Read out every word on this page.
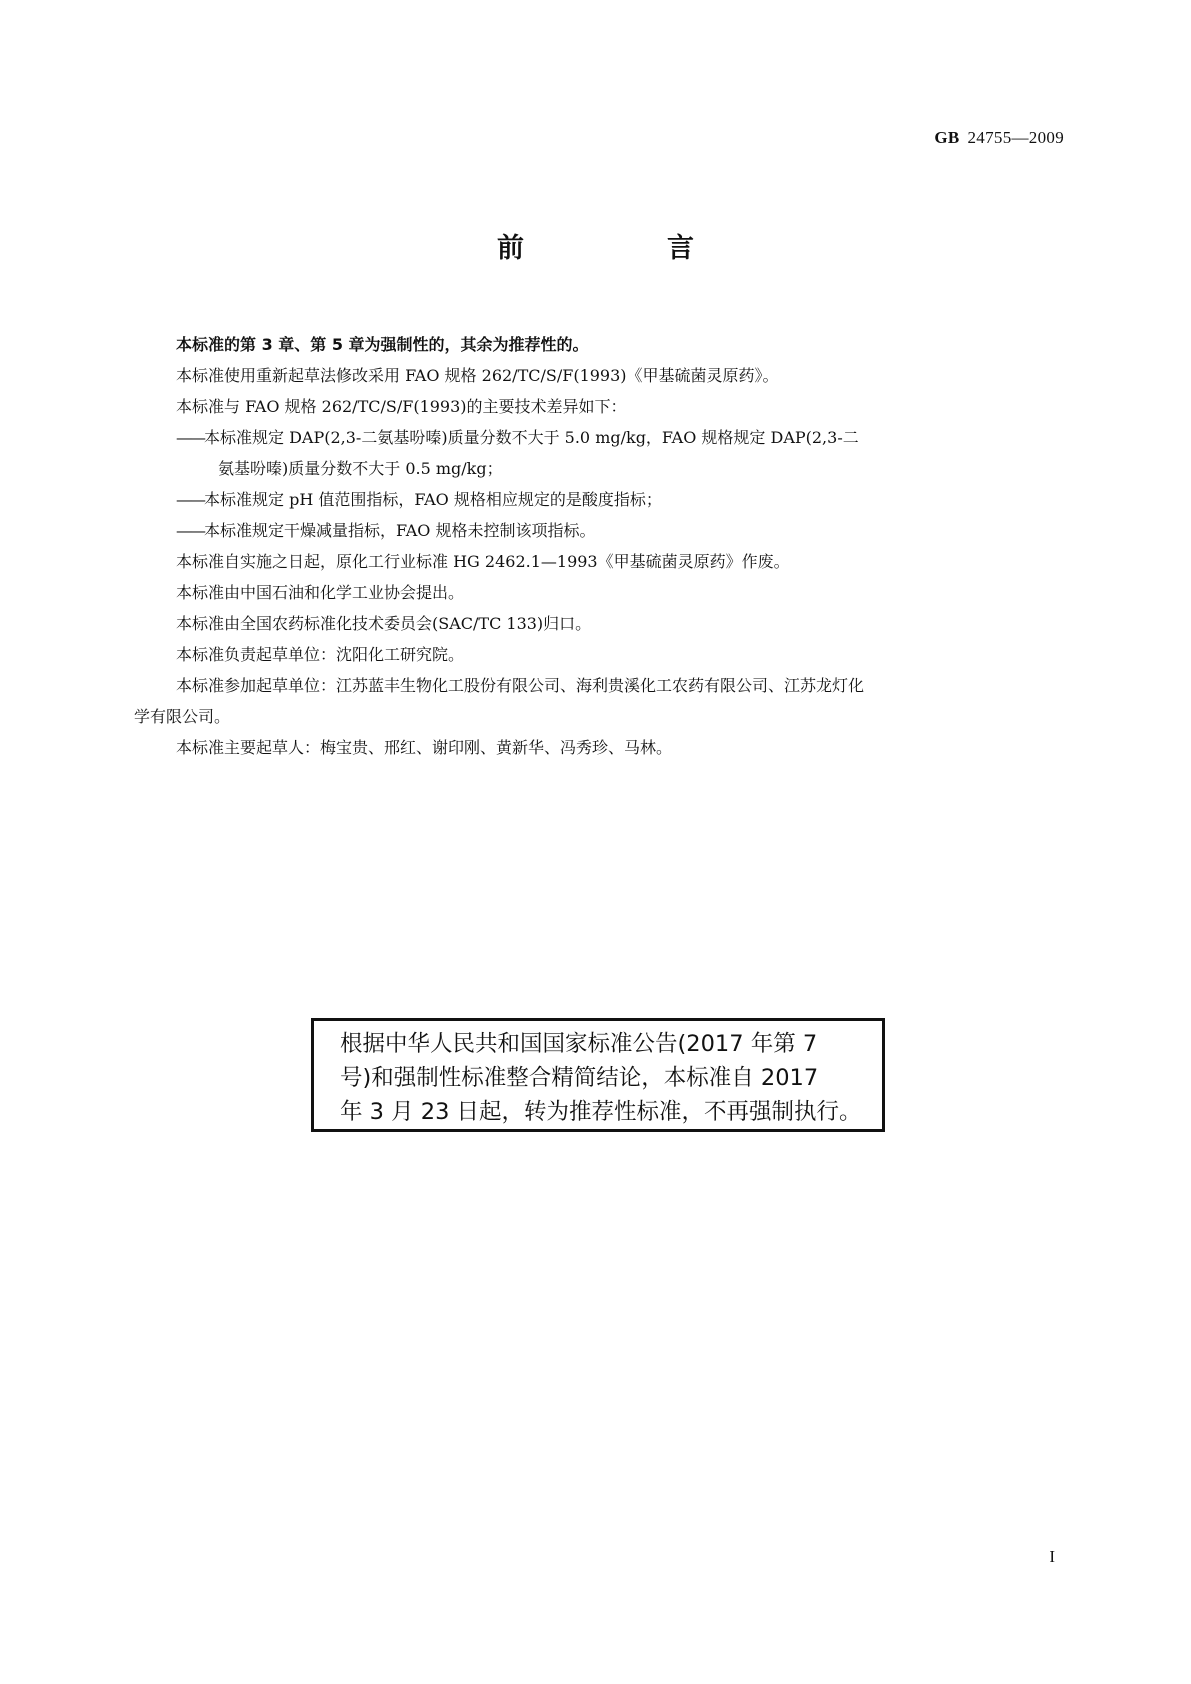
GB 24755—2009
前　言

本标准的第 3 章、第 5 章为强制性的，其余为推荐性的。

本标准使用重新起草法修改采用 FAO 规格 262/TC/S/F(1993)《甲基硫菌灵原药》。

本标准与 FAO 规格 262/TC/S/F(1993)的主要技术差异如下：

——本标准规定 DAP(2,3-二氨基吩嗪)质量分数不大于 5.0 mg/kg，FAO 规格规定 DAP(2,3-二
氨基吩嗪)质量分数不大于 0.5 mg/kg；
——本标准规定 pH 值范围指标，FAO 规格相应规定的是酸度指标；
——本标准规定干燥减量指标，FAO 规格未控制该项指标。

本标准自实施之日起，原化工行业标准 HG 2462.1—1993《甲基硫菌灵原药》作废。

本标准由中国石油和化学工业协会提出。

本标准由全国农药标准化技术委员会(SAC/TC 133)归口。

本标准负责起草单位：沈阳化工研究院。

本标准参加起草单位：江苏蓝丰生物化工股份有限公司、海利贵溪化工农药有限公司、江苏龙灯化
学有限公司。

本标准主要起草人：梅宝贵、邢红、谢印刚、黄新华、冯秀珍、马林。

根据中华人民共和国国家标准公告(2017 年第 7
号)和强制性标准整合精简结论，本标准自 2017
年 3 月 23 日起，转为推荐性标准，不再强制执行。
I
